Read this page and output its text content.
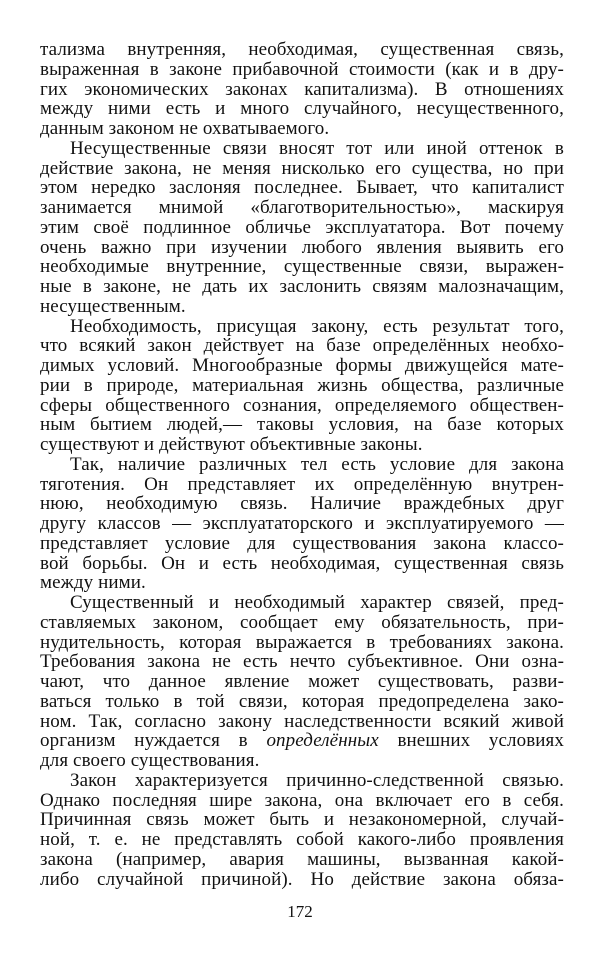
тализма внутренняя, необходимая, существенная связь,
выраженная в законе прибавочной стоимости (как и в дру-
гих экономических законах капитализма). В отношениях
между ними есть и много случайного, несущественного,
данным законом не охватываемого.
Несущественные связи вносят тот или иной оттенок в
действие закона, не меняя нисколько его существа, но при
этом нередко заслоняя последнее. Бывает, что капиталист
занимается мнимой «благотворительностью», маскируя
этим своё подлинное обличье эксплуататора. Вот почему
очень важно при изучении любого явления выявить его
необходимые внутренние, существенные связи, выражен-
ные в законе, не дать их заслонить связям малозначащим,
несущественным.
Необходимость, присущая закону, есть результат того,
что всякий закон действует на базе определённых необхо-
димых условий. Многообразные формы движущейся мате-
рии в природе, материальная жизнь общества, различные
сферы общественного сознания, определяемого обществен-
ным бытием людей,— таковы условия, на базе которых
существуют и действуют объективные законы.
Так, наличие различных тел есть условие для закона
тяготения. Он представляет их определённую внутрен-
нюю, необходимую связь. Наличие враждебных друг
другу классов — эксплуататорского и эксплуатируемого —
представляет условие для существования закона классо-
вой борьбы. Он и есть необходимая, существенная связь
между ними.
Существенный и необходимый характер связей, пред-
ставляемых законом, сообщает ему обязательность, при-
нудительность, которая выражается в требованиях закона.
Требования закона не есть нечто субъективное. Они озна-
чают, что данное явление может существовать, разви-
ваться только в той связи, которая предопределена зако-
ном. Так, согласно закону наследственности всякий живой
организм нуждается в определённых внешних условиях
для своего существования.
Закон характеризуется причинно-следственной связью.
Однако последняя шире закона, она включает его в себя.
Причинная связь может быть и незакономерной, случай-
ной, т. е. не представлять собой какого-либо проявления
закона (например, авария машины, вызванная какой-
либо случайной причиной). Но действие закона обяза-
172
